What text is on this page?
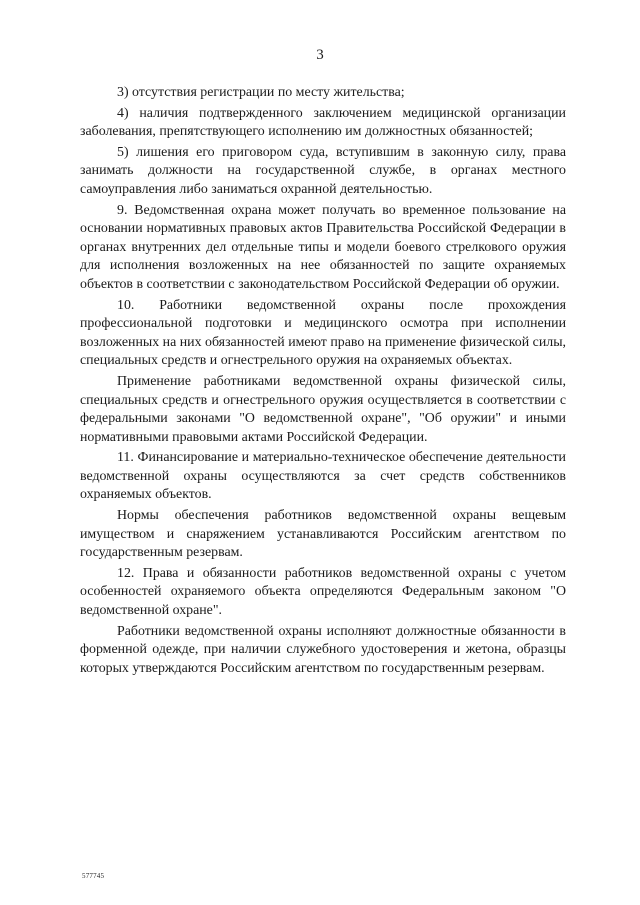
3

3) отсутствия регистрации по месту жительства;

4) наличия подтвержденного заключением медицинской организации заболевания, препятствующего исполнению им должностных обязанностей;

5) лишения его приговором суда, вступившим в законную силу, права занимать должности на государственной службе, в органах местного самоуправления либо заниматься охранной деятельностью.

9. Ведомственная охрана может получать во временное пользование на основании нормативных правовых актов Правительства Российской Федерации в органах внутренних дел отдельные типы и модели боевого стрелкового оружия для исполнения возложенных на нее обязанностей по защите охраняемых объектов в соответствии с законодательством Российской Федерации об оружии.

10. Работники ведомственной охраны после прохождения профессиональной подготовки и медицинского осмотра при исполнении возложенных на них обязанностей имеют право на применение физической силы, специальных средств и огнестрельного оружия на охраняемых объектах.

Применение работниками ведомственной охраны физической силы, специальных средств и огнестрельного оружия осуществляется в соответствии с федеральными законами "О ведомственной охране", "Об оружии" и иными нормативными правовыми актами Российской Федерации.

11. Финансирование и материально-техническое обеспечение деятельности ведомственной охраны осуществляются за счет средств собственников охраняемых объектов.

Нормы обеспечения работников ведомственной охраны вещевым имуществом и снаряжением устанавливаются Российским агентством по государственным резервам.

12. Права и обязанности работников ведомственной охраны с учетом особенностей охраняемого объекта определяются Федеральным законом "О ведомственной охране".

Работники ведомственной охраны исполняют должностные обязанности в форменной одежде, при наличии служебного удостоверения и жетона, образцы которых утверждаются Российским агентством по государственным резервам.

577745
